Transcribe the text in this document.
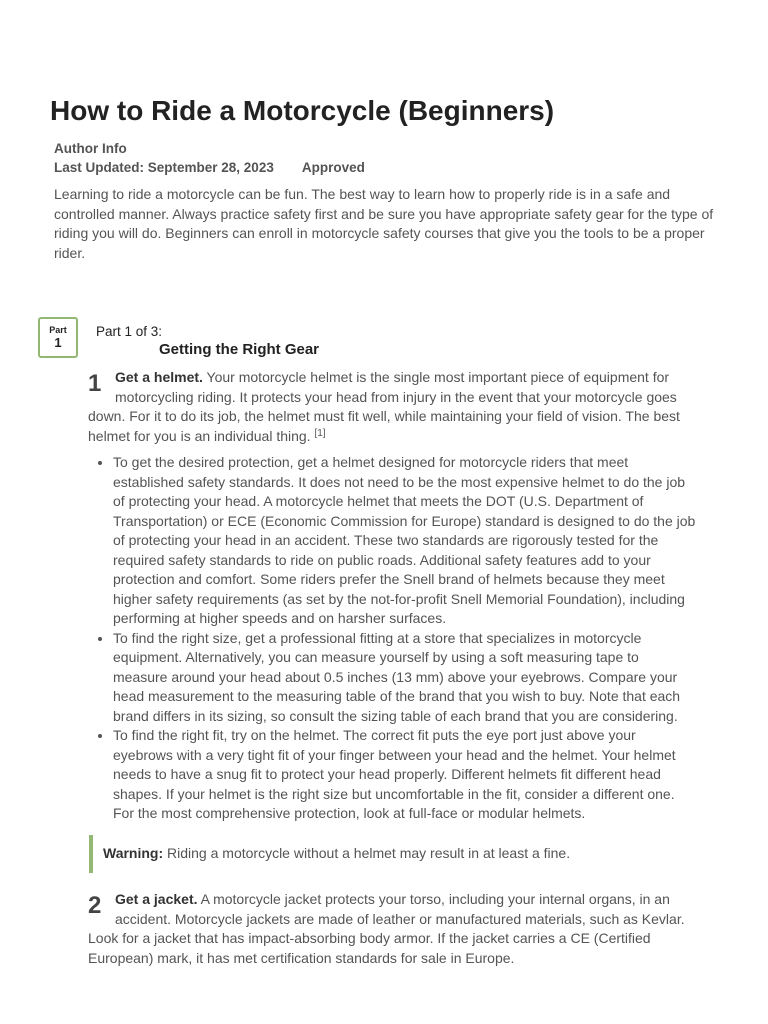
How to Ride a Motorcycle (Beginners)
Author Info
Last Updated: September 28, 2023 Approved

Learning to ride a motorcycle can be fun. The best way to learn how to properly ride is in a safe and controlled manner. Always practice safety first and be sure you have appropriate safety gear for the type of riding you will do. Beginners can enroll in motorcycle safety courses that give you the tools to be a proper rider.

Part
1
Part 1 of 3:
Getting the Right Gear
1 Get a helmet. Your motorcycle helmet is the single most important piece of equipment for motorcycling riding. It protects your head from injury in the event that your motorcycle goes down. For it to do its job, the helmet must fit well, while maintaining your field of vision. The best helmet for you is an individual thing. [1]

• To get the desired protection, get a helmet designed for motorcycle riders that meet established safety standards. It does not need to be the most expensive helmet to do the job of protecting your head. A motorcycle helmet that meets the DOT (U.S. Department of Transportation) or ECE (Economic Commission for Europe) standard is designed to do the job of protecting your head in an accident. These two standards are rigorously tested for the required safety standards to ride on public roads. Additional safety features add to your protection and comfort. Some riders prefer the Snell brand of helmets because they meet higher safety requirements (as set by the not-for-profit Snell Memorial Foundation), including performing at higher speeds and on harsher surfaces.
• To find the right size, get a professional fitting at a store that specializes in motorcycle equipment. Alternatively, you can measure yourself by using a soft measuring tape to measure around your head about 0.5 inches (13 mm) above your eyebrows. Compare your head measurement to the measuring table of the brand that you wish to buy. Note that each brand differs in its sizing, so consult the sizing table of each brand that you are considering.
• To find the right fit, try on the helmet. The correct fit puts the eye port just above your eyebrows with a very tight fit of your finger between your head and the helmet. Your helmet needs to have a snug fit to protect your head properly. Different helmets fit different head shapes. If your helmet is the right size but uncomfortable in the fit, consider a different one. For the most comprehensive protection, look at full-face or modular helmets.
Warning: Riding a motorcycle without a helmet may result in at least a fine.
2 Get a jacket. A motorcycle jacket protects your torso, including your internal organs, in an accident. Motorcycle jackets are made of leather or manufactured materials, such as Kevlar. Look for a jacket that has impact-absorbing body armor. If the jacket carries a CE (Certified European) mark, it has met certification standards for sale in Europe.
